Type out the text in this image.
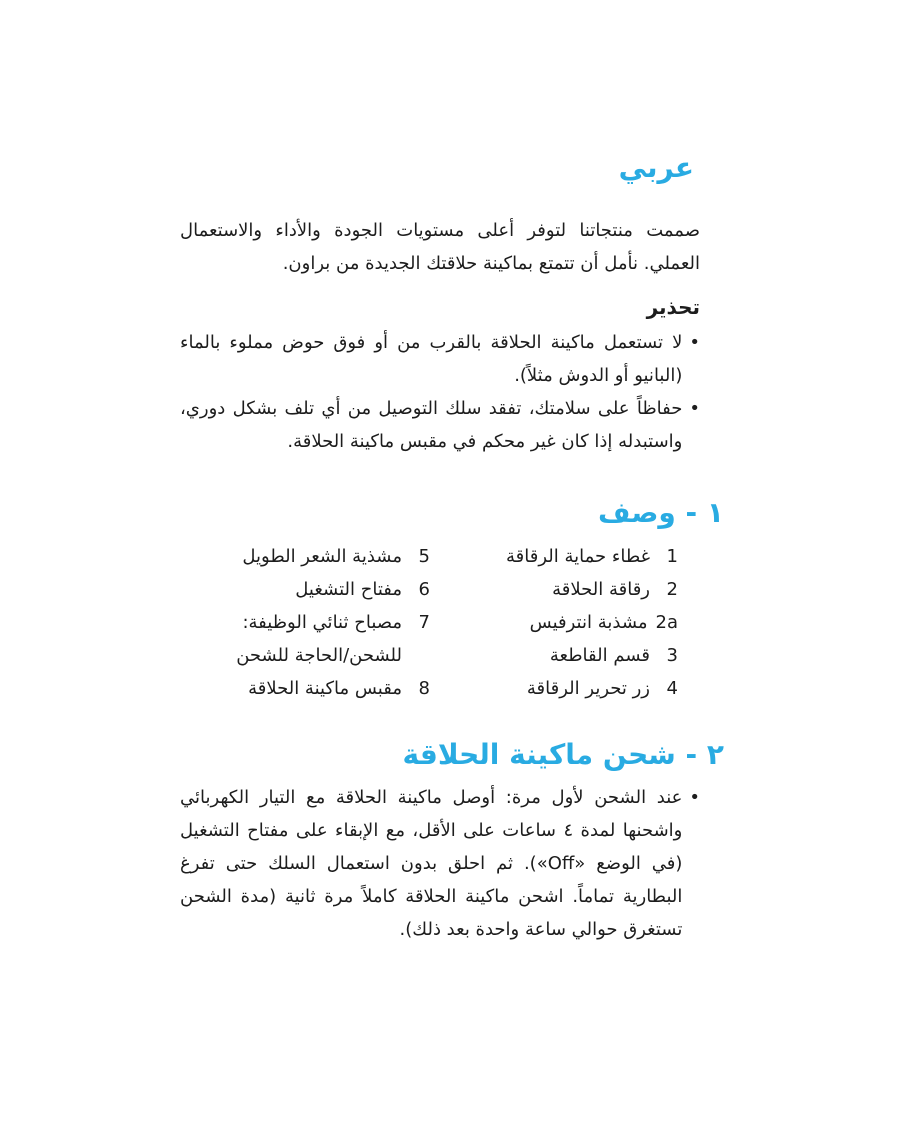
عربي

صممت منتجاتنا لتوفر أعلى مستويات الجودة والأداء والاستعمال العملي. نأمل أن تتمتع بماكينة حلاقتك الجديدة من براون.

تحذير
•
لا تستعمل ماكينة الحلاقة بالقرب من أو فوق حوض مملوء بالماء (البانيو أو الدوش مثلاً).
•
حفاظاً على سلامتك، تفقد سلك التوصيل من أي تلف بشكل دوري، واستبدله إذا كان غير محكم في مقبس ماكينة الحلاقة.
١ - وصف
1
غطاء حماية الرقاقة
2
رقاقة الحلاقة
2a
مشذبة انترفيس
3
قسم القاطعة
4
زر تحرير الرقاقة
5
مشذية الشعر الطويل
6
مفتاح التشغيل
7
مصباح ثنائي الوظيفة: للشحن/الحاجة للشحن
8
مقبس ماكينة الحلاقة
٢ - شحن ماكينة الحلاقة
•
عند الشحن لأول مرة: أوصل ماكينة الحلاقة مع التيار الكهربائي واشحنها لمدة ٤ ساعات على الأقل، مع الإبقاء على مفتاح التشغيل (في الوضع «Off»). ثم احلق بدون استعمال السلك حتى تفرغ البطارية تماماً. اشحن ماكينة الحلاقة كاملاً مرة ثانية (مدة الشحن تستغرق حوالي ساعة واحدة بعد ذلك).
